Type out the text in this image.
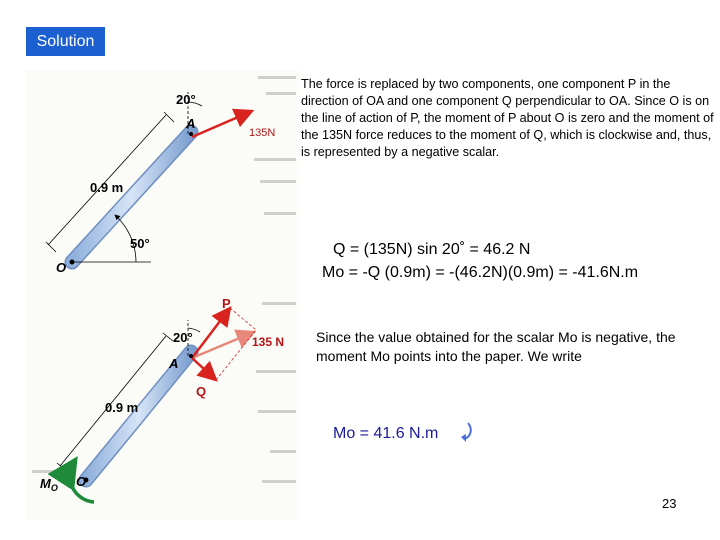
Solution
20°
135N
A
0.9 m
50°
O
20°
P
135 N
Q
A
0.9 m
O
$M_O$
The force is replaced by two components, one component P in the direction of OA and one component Q perpendicular to OA. Since O is on the line of action of P, the moment of P about O is zero and the moment of the 135N force reduces to the moment of Q, which is clockwise and, thus, is represented by a negative scalar.
Q = (135N) sin 20˚ = 46.2 N
Mo = -Q (0.9m) = -(46.2N)(0.9m) = -41.6N.m
Since the value obtained for the scalar Mo is negative, the moment Mo points into the paper. We write
Mo = 41.6 N.m
23
